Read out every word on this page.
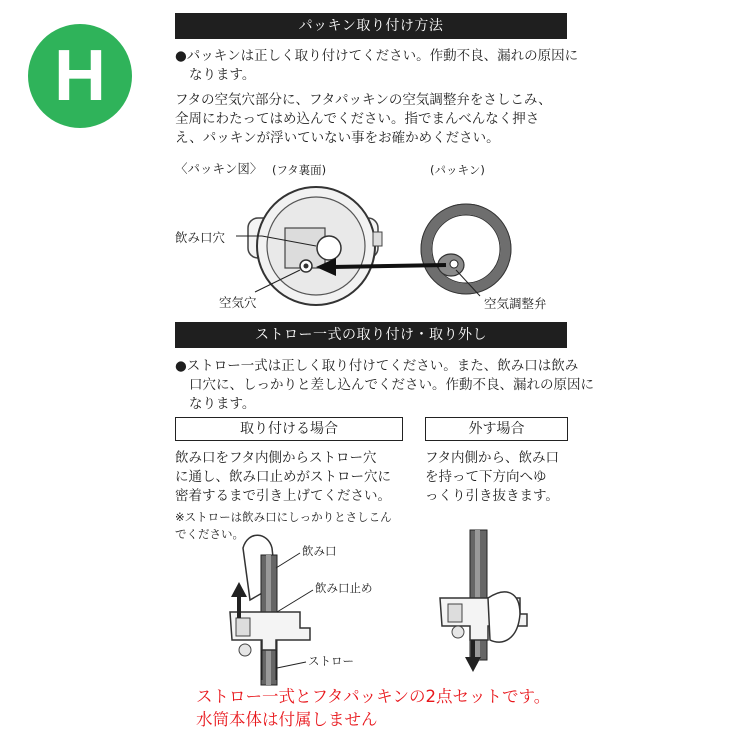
H
パッキン取り付け方法
●パッキンは正しく取り付けてください。作動不良、漏れの原因に
なります。
フタの空気穴部分に、フタパッキンの空気調整弁をさしこみ、
全周にわたってはめ込んでください。指でまんべんなく押さ
え、パッキンが浮いていない事をお確かめください。
〈パッキン図〉 (フタ裏面)	(パッキン)
飲み口穴
空気穴	空気調整弁
ストロー一式の取り付け・取り外し
●ストロー一式は正しく取り付けてください。また、飲み口は飲み
口穴に、しっかりと差し込んでください。作動不良、漏れの原因に
なります。
取り付ける場合	外す場合
飲み口をフタ内側からストロー穴
に通し、飲み口止めがストロー穴に
密着するまで引き上げてください。
※ストローは飲み口にしっかりとさしこん
でください。
フタ内側から、飲み口
を持って下方向へゆ
っくり引き抜きます。
飲み口
飲み口止め
ストロー
ストロー一式とフタパッキンの2点セットです。
水筒本体は付属しません
